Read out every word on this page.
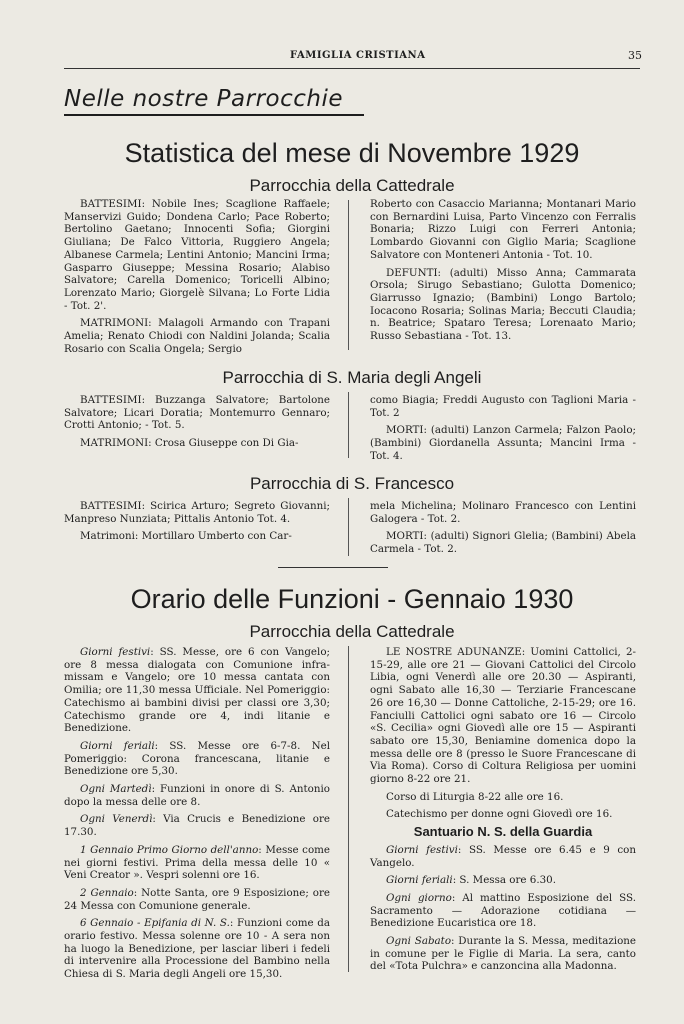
FAMIGLIA CRISTIANA	35
Nelle nostre Parrocchie
Statistica del mese di Novembre 1929
Parrocchia della Cattedrale

BATTESIMI: Nobile Ines; Scaglione Raffaele; Manservizi Guido; Dondena Carlo; Pace Roberto; Bertolino Gaetano; Innocenti Sofia; Giorgini Giuliana; De Falco Vittoria, Ruggiero Angela; Albanese Carmela; Lentini Antonio; Mancini Irma; Gasparro Giuseppe; Messina Rosario; Alabiso Salvatore; Carella Domenico; Toricelli Albino; Lorenzato Mario; Giorgelè Silvana; Lo Forte Lidia - Tot. 2'.

MATRIMONI: Malagoli Armando con Trapani Amelia; Renato Chiodi con Naldini Jolanda; Scalia Rosario con Scalia Ongela; Sergio

Roberto con Casaccio Marianna; Montanari Mario con Bernardini Luisa, Parto Vincenzo con Ferralis Bonaria; Rizzo Luigi con Ferreri Antonia; Lombardo Giovanni con Giglio Maria; Scaglione Salvatore con Monteneri Antonia - Tot. 10.

DEFUNTI: (adulti) Misso Anna; Cammarata Orsola; Sirugo Sebastiano; Gulotta Domenico; Giarrusso Ignazio; (Bambini) Longo Bartolo; Iocacono Rosaria; Solinas Maria; Beccuti Claudia; n. Beatrice; Spataro Teresa; Lorenaato Mario; Russo Sebastiana - Tot. 13.

Parrocchia di S. Maria degli Angeli

BATTESIMI: Buzzanga Salvatore; Bartolone Salvatore; Licari Doratia; Montemurro Gennaro; Crotti Antonio; - Tot. 5.

MATRIMONI: Crosa Giuseppe con Di Gia-

como Biagia; Freddi Augusto con Taglioni Maria - Tot. 2

MORTI: (adulti) Lanzon Carmela; Falzon Paolo; (Bambini) Giordanella Assunta; Mancini Irma - Tot. 4.

Parrocchia di S. Francesco

BATTESIMI: Scirica Arturo; Segreto Giovanni; Manpreso Nunziata; Pittalis Antonio Tot. 4.

Matrimoni: Mortillaro Umberto con Car-

mela Michelina; Molinaro Francesco con Lentini Galogera - Tot. 2.

MORTI: (adulti) Signori Glelia; (Bambini) Abela Carmela - Tot. 2.

Orario delle Funzioni - Gennaio 1930
Parrocchia della Cattedrale

Giorni festivi: SS. Messe, ore 6 con Vangelo; ore 8 messa dialogata con Comunione infra-missam e Vangelo; ore 10 messa cantata con Omilia; ore 11,30 messa Ufficiale. Nel Pomeriggio: Catechismo ai bambini divisi per classi ore 3,30; Catechismo grande ore 4, indi litanie e Benedizione.

Giorni feriali: SS. Messe ore 6-7-8. Nel Pomeriggio: Corona francescana, litanie e Benedizione ore 5,30.

Ogni Martedì: Funzioni in onore di S. Antonio dopo la messa delle ore 8.

Ogni Venerdì: Via Crucis e Benedizione ore 17.30.

1 Gennaio Primo Giorno dell'anno: Messe come nei giorni festivi. Prima della messa delle 10 « Veni Creator ». Vespri solenni ore 16.

2 Gennaio: Notte Santa, ore 9 Esposizione; ore 24 Messa con Comunione generale.

6 Gennaio - Epifania di N. S.: Funzioni come da orario festivo. Messa solenne ore 10 - A sera non ha luogo la Benedizione, per lasciar liberi i fedeli di intervenire alla Processione del Bambino nella Chiesa di S. Maria degli Angeli ore 15,30.

LE NOSTRE ADUNANZE: Uomini Cattolici, 2-15-29, alle ore 21 — Giovani Cattolici del Circolo Libia, ogni Venerdì alle ore 20.30 — Aspiranti, ogni Sabato alle 16,30 — Terziarie Francescane 26 ore 16,30 — Donne Cattoliche, 2-15-29; ore 16. Fanciulli Cattolici ogni sabato ore 16 — Circolo «S. Cecilia» ogni Giovedì alle ore 15 — Aspiranti sabato ore 15,30, Beniamine domenica dopo la messa delle ore 8 (presso le Suore Francescane di Via Roma). Corso di Coltura Religiosa per uomini giorno 8-22 ore 21.

Corso di Liturgia 8-22 alle ore 16.

Catechismo per donne ogni Giovedì ore 16.

Santuario N. S. della Guardia

Giorni festivi: SS. Messe ore 6.45 e 9 con Vangelo.

Giorni feriali: S. Messa ore 6.30.

Ogni giorno: Al mattino Esposizione del SS. Sacramento — Adorazione cotidiana — Benedizione Eucaristica ore 18.

Ogni Sabato: Durante la S. Messa, meditazione in comune per le Figlie di Maria. La sera, canto del «Tota Pulchra» e canzoncina alla Madonna.
